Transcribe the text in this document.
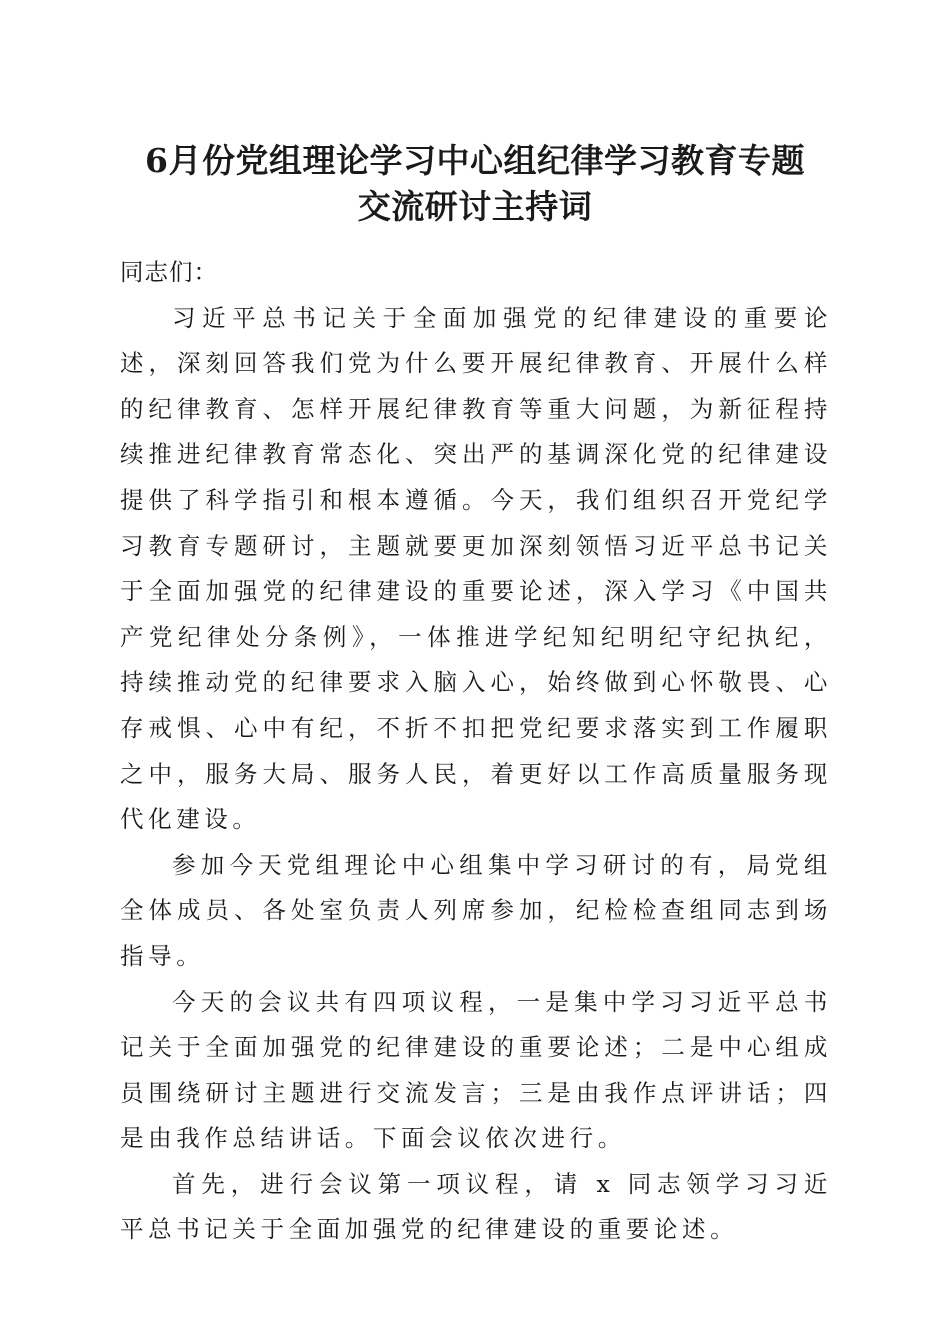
6月份党组理论学习中心组纪律学习教育专题
交流研讨主持词

同志们：

习近平总书记关于全面加强党的纪律建设的重要论述，深刻回答我们党为什么要开展纪律教育、开展什么样的纪律教育、怎样开展纪律教育等重大问题，为新征程持续推进纪律教育常态化、突出严的基调深化党的纪律建设提供了科学指引和根本遵循。今天，我们组织召开党纪学习教育专题研讨，主题就要更加深刻领悟习近平总书记关于全面加强党的纪律建设的重要论述，深入学习《中国共产党纪律处分条例》，一体推进学纪知纪明纪守纪执纪，持续推动党的纪律要求入脑入心，始终做到心怀敬畏、心存戒惧、心中有纪，不折不扣把党纪要求落实到工作履职之中，服务大局、服务人民，着更好以工作高质量服务现代化建设。

参加今天党组理论中心组集中学习研讨的有，局党组全体成员、各处室负责人列席参加，纪检检查组同志到场指导。

今天的会议共有四项议程，一是集中学习习近平总书记关于全面加强党的纪律建设的重要论述；二是中心组成员围绕研讨主题进行交流发言；三是由我作点评讲话；四是由我作总结讲话。下面会议依次进行。

首先，进行会议第一项议程，请 x 同志领学习习近平总书记关于全面加强党的纪律建设的重要论述。
